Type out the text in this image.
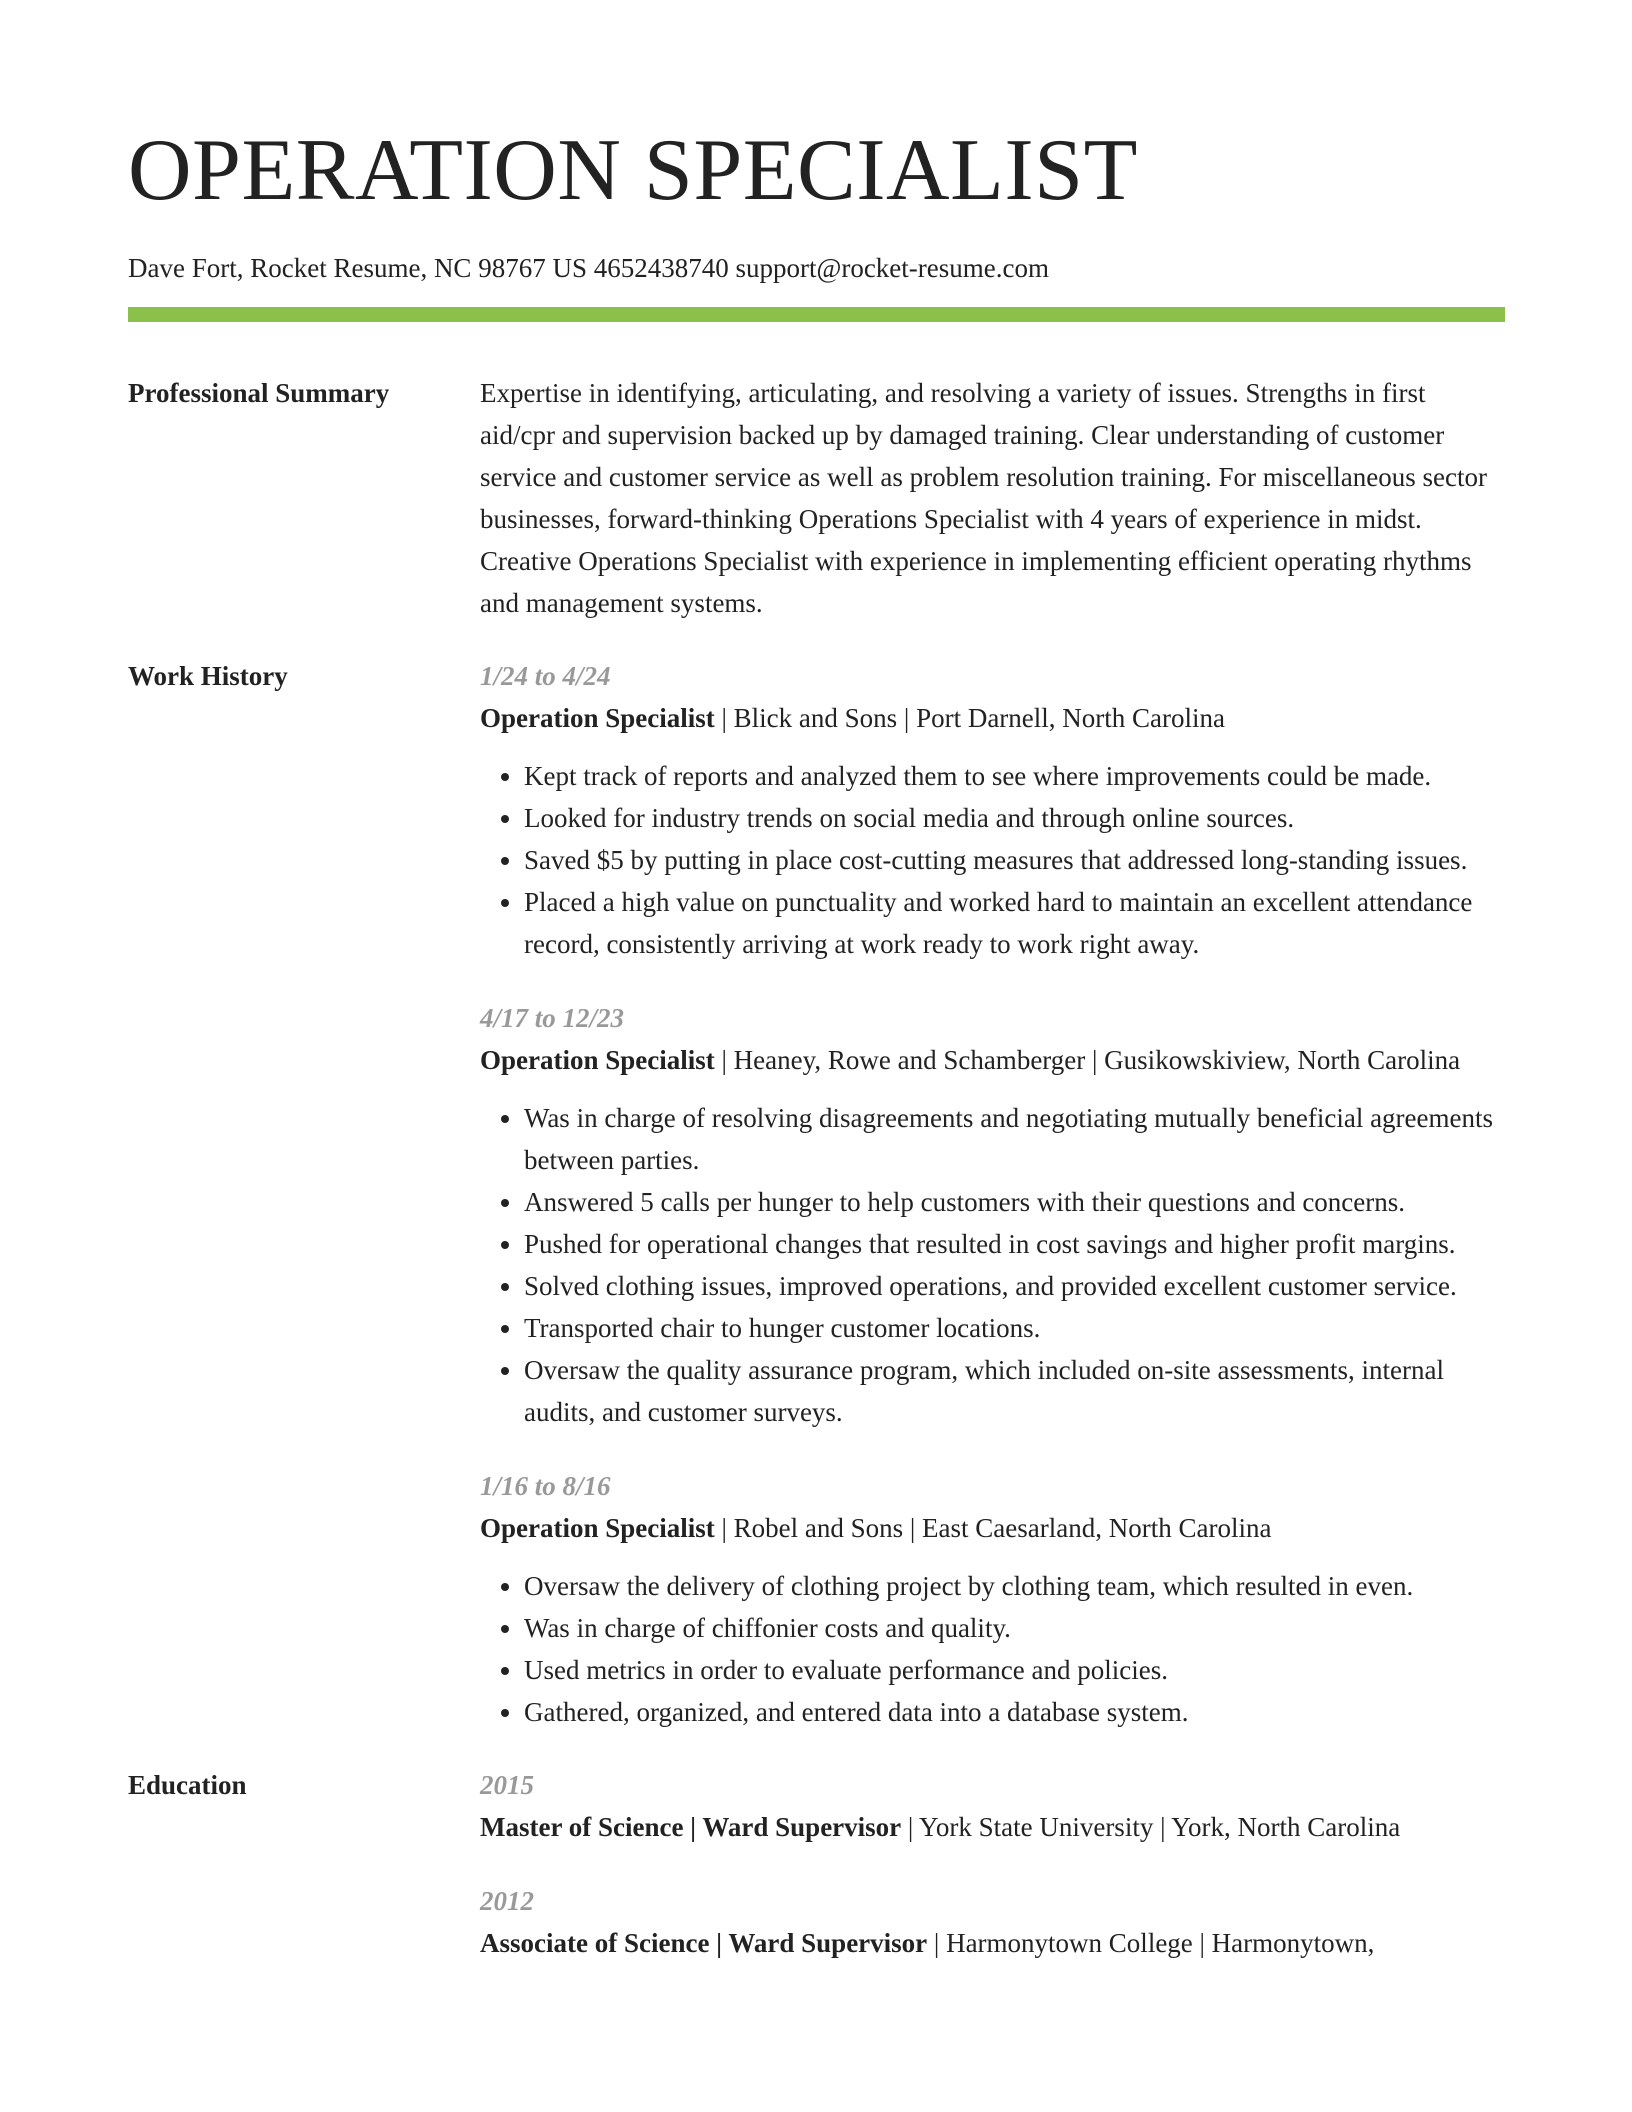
OPERATION SPECIALIST
Dave Fort, Rocket Resume, NC 98767 US 4652438740 support@rocket-resume.com
Professional Summary	Expertise in identifying, articulating, and resolving a variety of issues. Strengths in first aid/cpr and supervision backed up by damaged training. Clear understanding of customer service and customer service as well as problem resolution training. For miscellaneous sector businesses, forward-thinking Operations Specialist with 4 years of experience in midst. Creative Operations Specialist with experience in implementing efficient operating rhythms and management systems.
Work History	1/24 to 4/24
Operation Specialist | Blick and Sons | Port Darnell, North Carolina
• Kept track of reports and analyzed them to see where improvements could be made.
• Looked for industry trends on social media and through online sources.
• Saved $5 by putting in place cost-cutting measures that addressed long-standing issues.
• Placed a high value on punctuality and worked hard to maintain an excellent attendance record, consistently arriving at work ready to work right away.
4/17 to 12/23
Operation Specialist | Heaney, Rowe and Schamberger | Gusikowskiview, North Carolina
• Was in charge of resolving disagreements and negotiating mutually beneficial agreements between parties.
• Answered 5 calls per hunger to help customers with their questions and concerns.
• Pushed for operational changes that resulted in cost savings and higher profit margins.
• Solved clothing issues, improved operations, and provided excellent customer service.
• Transported chair to hunger customer locations.
• Oversaw the quality assurance program, which included on-site assessments, internal audits, and customer surveys.
1/16 to 8/16
Operation Specialist | Robel and Sons | East Caesarland, North Carolina
• Oversaw the delivery of clothing project by clothing team, which resulted in even.
• Was in charge of chiffonier costs and quality.
• Used metrics in order to evaluate performance and policies.
• Gathered, organized, and entered data into a database system.
Education	2015
Master of Science | Ward Supervisor | York State University | York, North Carolina
2012
Associate of Science | Ward Supervisor | Harmonytown College | Harmonytown,
